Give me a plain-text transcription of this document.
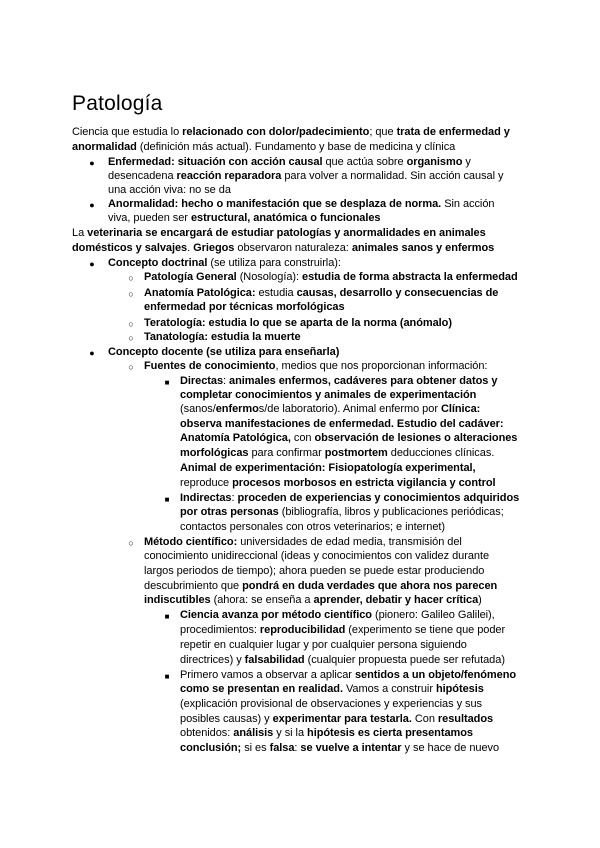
Patología
●
●
●
○
○
○
○
●
○
■
■
○
■
■
Ciencia que estudia lo relacionado con dolor/padecimiento; que trata de enfermedad y
anormalidad (definición más actual). Fundamento y base de medicina y clínica
Enfermedad: situación con acción causal que actúa sobre organismo y
desencadena reacción reparadora para volver a normalidad. Sin acción causal y
una acción viva: no se da
Anormalidad: hecho o manifestación que se desplaza de norma. Sin acción
viva, pueden ser estructural, anatómica o funcionales
La veterinaria se encargará de estudiar patologías y anormalidades en animales
domésticos y salvajes. Griegos observaron naturaleza: animales sanos y enfermos
Concepto doctrinal (se utiliza para construirla):
Patología General (Nosología): estudia de forma abstracta la enfermedad
Anatomía Patológica: estudia causas, desarrollo y consecuencias de
enfermedad por técnicas morfológicas
Teratología: estudia lo que se aparta de la norma (anómalo)
Tanatología: estudia la muerte
Concepto docente (se utiliza para enseñarla)
Fuentes de conocimiento, medios que nos proporcionan información:
Directas: animales enfermos, cadáveres para obtener datos y
completar conocimientos y animales de experimentación
(sanos/enfermos/de laboratorio). Animal enfermo por Clínica:
observa manifestaciones de enfermedad. Estudio del cadáver:
Anatomía Patológica, con observación de lesiones o alteraciones
morfológicas para confirmar postmortem deducciones clínicas.
Animal de experimentación: Fisiopatología experimental,
reproduce procesos morbosos en estricta vigilancia y control
Indirectas: proceden de experiencias y conocimientos adquiridos
por otras personas (bibliografía, libros y publicaciones periódicas;
contactos personales con otros veterinarios; e internet)
Método científico: universidades de edad media, transmisión del
conocimiento unidireccional (ideas y conocimientos con validez durante
largos periodos de tiempo); ahora pueden se puede estar produciendo
descubrimiento que pondrá en duda verdades que ahora nos parecen
indiscutibles (ahora: se enseña a aprender, debatir y hacer crítica)
Ciencia avanza por método científico (pionero: Galileo Galilei),
procedimientos: reproducibilidad (experimento se tiene que poder
repetir en cualquier lugar y por cualquier persona siguiendo
directrices) y falsabilidad (cualquier propuesta puede ser refutada)
Primero vamos a observar a aplicar sentidos a un objeto/fenómeno
como se presentan en realidad. Vamos a construir hipótesis
(explicación provisional de observaciones y experiencias y sus
posibles causas) y experimentar para testarla. Con resultados
obtenidos: análisis y si la hipótesis es cierta presentamos
conclusión; si es falsa: se vuelve a intentar y se hace de nuevo
